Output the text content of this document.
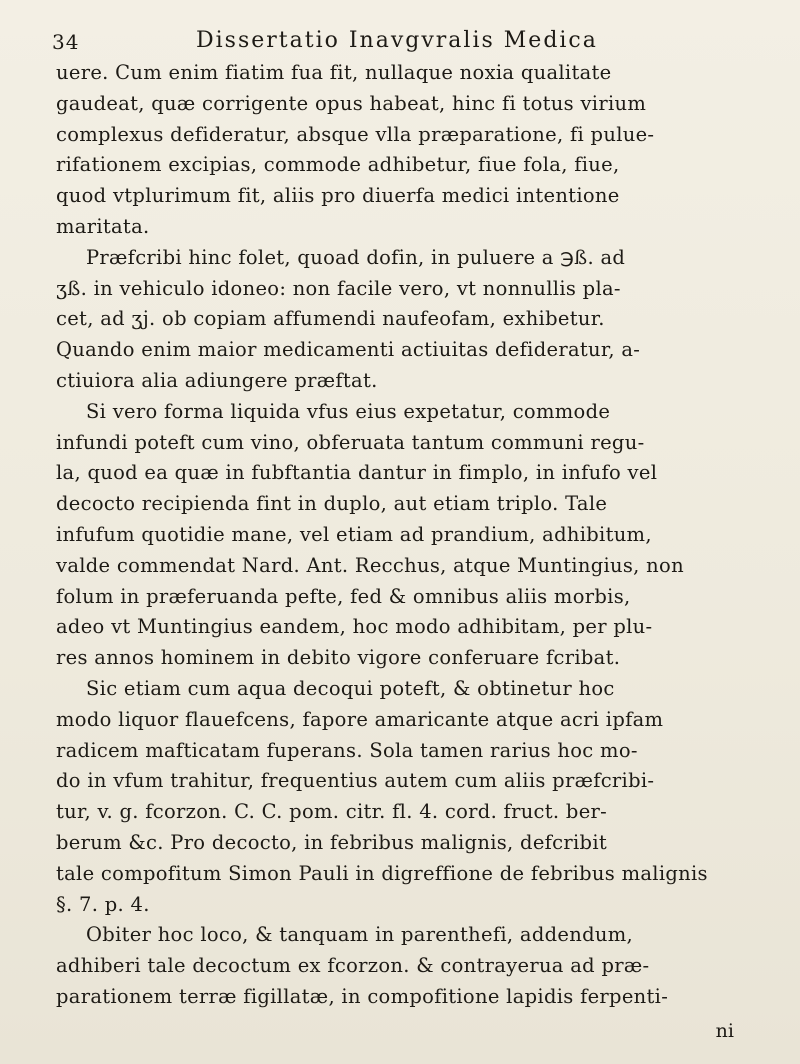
34	Dissertatio Inavgvralis Medica
uere. Cum enim fiatim fua fit, nullaque noxia qualitate
gaudeat, quæ corrigente opus habeat, hinc fi totus virium
complexus defideratur, absque vlla præparatione, fi pulue-
rifationem excipias, commode adhibetur, fiue fola, fiue,
quod vtplurimum fit, aliis pro diuerfa medici intentione
maritata.
Præfcribi hinc folet, quoad dofin, in puluere a ℈ß. ad
ʒß. in vehiculo idoneo: non facile vero, vt nonnullis pla-
cet, ad ʒj. ob copiam affumendi naufeofam, exhibetur.
Quando enim maior medicamenti actiuitas defideratur, a-
ctiuiora alia adiungere præftat.
Si vero forma liquida vfus eius expetatur, commode
infundi poteft cum vino, obferuata tantum communi regu-
la, quod ea quæ in fubftantia dantur in fimplo, in infufo vel
decocto recipienda fint in duplo, aut etiam triplo. Tale
infufum quotidie mane, vel etiam ad prandium, adhibitum,
valde commendat Nard. Ant. Recchus, atque Muntingius, non
folum in præferuanda pefte, fed & omnibus aliis morbis,
adeo vt Muntingius eandem, hoc modo adhibitam, per plu-
res annos hominem in debito vigore conferuare fcribat.
Sic etiam cum aqua decoqui poteft, & obtinetur hoc
modo liquor flauefcens, fapore amaricante atque acri ipfam
radicem mafticatam fuperans. Sola tamen rarius hoc mo-
do in vfum trahitur, frequentius autem cum aliis præfcribi-
tur, v. g. fcorzon. C. C. pom. citr. fl. 4. cord. fruct. ber-
berum &c. Pro decocto, in febribus malignis, defcribit
tale compofitum Simon Pauli in digreffione de febribus malignis
§. 7. p. 4.
Obiter hoc loco, & tanquam in parenthefi, addendum,
adhiberi tale decoctum ex fcorzon. & contrayerua ad præ-
parationem terræ figillatæ, in compofitione lapidis ferpenti-
ni
